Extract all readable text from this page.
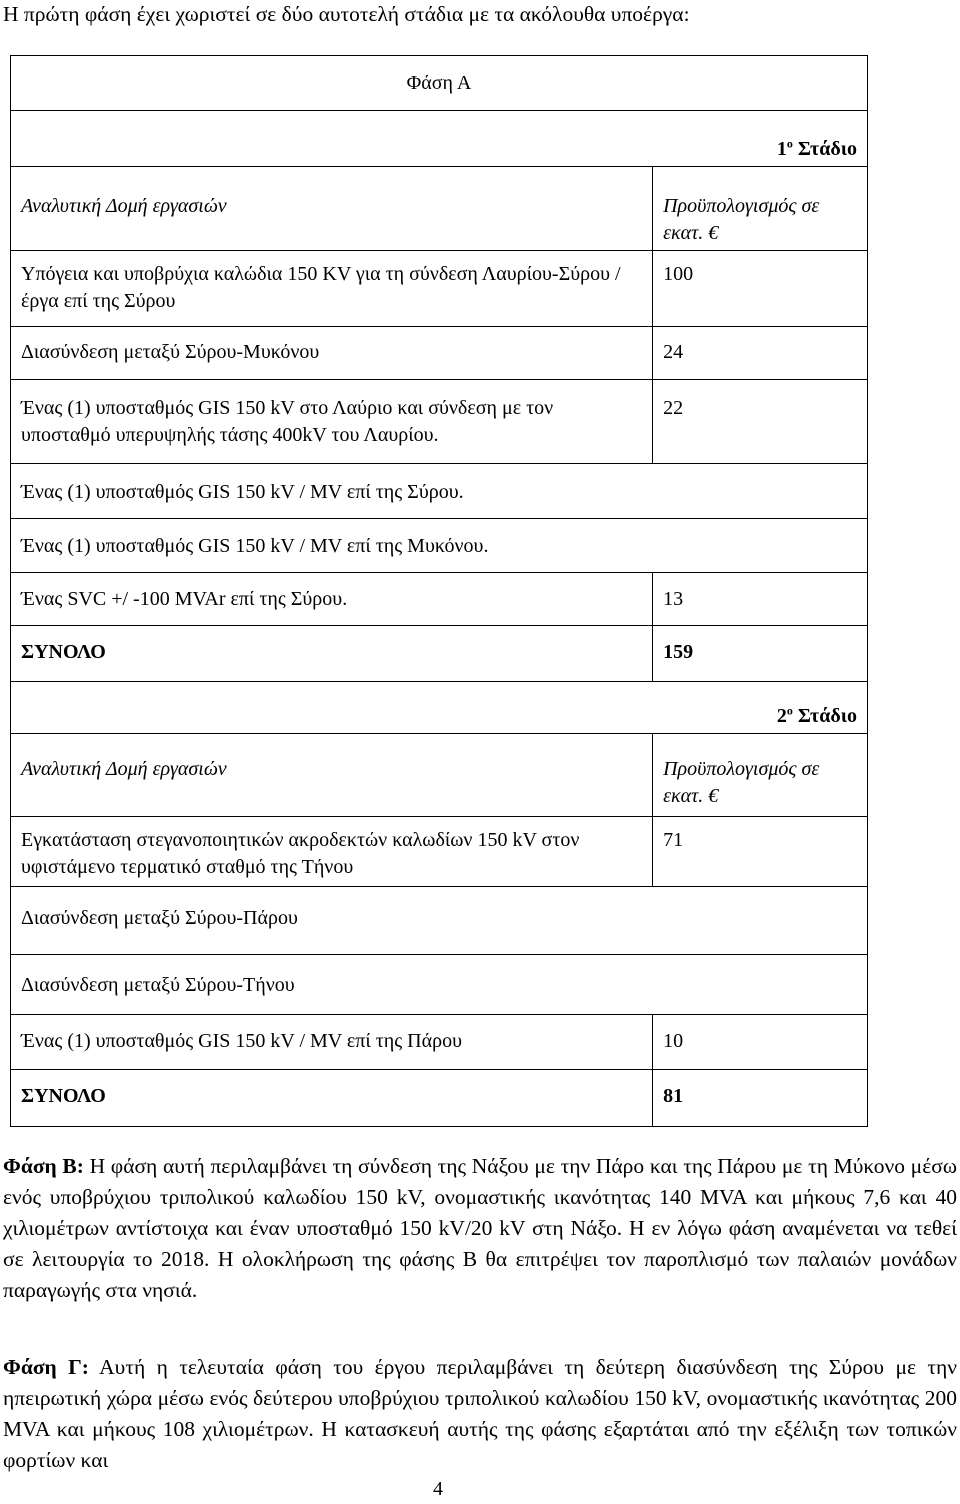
Η πρώτη φάση έχει χωριστεί σε δύο αυτοτελή στάδια με τα ακόλουθα υποέργα:
Φάση Α	
$1^o$ Στάδιο	
Αναλυτική Δομή εργασιών	Προϋπολογισμός σε εκατ. €
Υπόγεια και υποβρύχια καλώδια 150 KV για τη σύνδεση Λαυρίου-Σύρου / έργα επί της Σύρου	100
Διασύνδεση μεταξύ Σύρου-Μυκόνου	24
Ένας (1) υποσταθμός GIS 150 kV στο Λαύριο και σύνδεση με τον υποσταθμό υπερυψηλής τάσης 400kV του Λαυρίου.	22
Ένας (1) υποσταθμός GIS 150 kV / MV επί της Σύρου.	
Ένας (1) υποσταθμός GIS 150 kV / MV επί της Μυκόνου.	
Ένας SVC +/ -100 MVAr επί της Σύρου.	13
ΣΥΝΟΛΟ	159
$2^o$ Στάδιο	
Αναλυτική Δομή εργασιών	Προϋπολογισμός σε εκατ. €
Εγκατάσταση στεγανοποιητικών ακροδεκτών καλωδίων 150 kV στον υφιστάμενο τερματικό σταθμό της Τήνου	71
Διασύνδεση μεταξύ Σύρου-Πάρου	
Διασύνδεση μεταξύ Σύρου-Τήνου	
Ένας (1) υποσταθμός GIS 150 kV / MV επί της Πάρου	10
ΣΥΝΟΛΟ	81
Φάση Β: Η φάση αυτή περιλαμβάνει τη σύνδεση της Νάξου με την Πάρο και της Πάρου με τη Μύκονο μέσω ενός υποβρύχιου τριπολικού καλωδίου 150 kV, ονομαστικής ικανότητας 140 MVA και μήκους 7,6 και 40 χιλιομέτρων αντίστοιχα και έναν υποσταθμό 150 kV/20 kV στη Νάξο. Η εν λόγω φάση αναμένεται να τεθεί σε λειτουργία το 2018. Η ολοκλήρωση της φάσης Β θα επιτρέψει τον παροπλισμό των παλαιών μονάδων παραγωγής στα νησιά.
Φάση Γ: Αυτή η τελευταία φάση του έργου περιλαμβάνει τη δεύτερη διασύνδεση της Σύρου με την ηπειρωτική χώρα μέσω ενός δεύτερου υποβρύχιου τριπολικού καλωδίου 150 kV, ονομαστικής ικανότητας 200 MVA και μήκους 108 χιλιομέτρων. Η κατασκευή αυτής της φάσης εξαρτάται από την εξέλιξη των τοπικών φορτίων και
4
